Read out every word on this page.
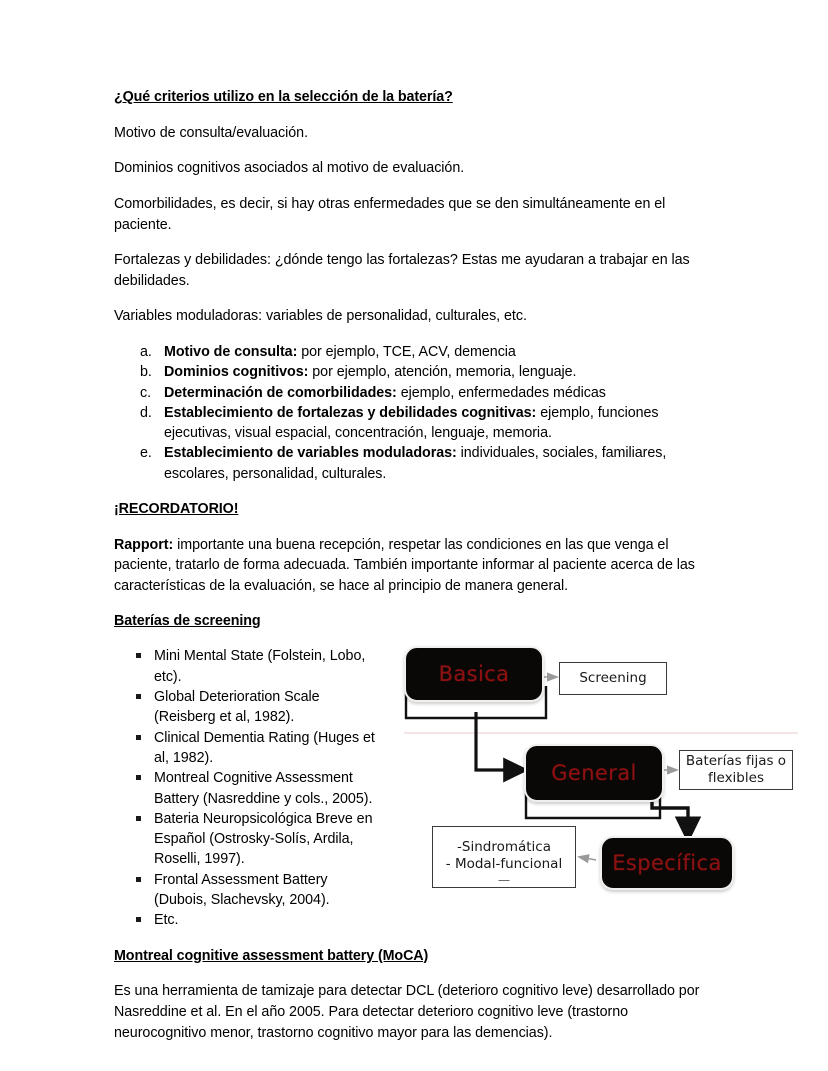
¿Qué criterios utilizo en la selección de la batería?
Motivo de consulta/evaluación.
Dominios cognitivos asociados al motivo de evaluación.
Comorbilidades, es decir, si hay otras enfermedades que se den simultáneamente en el paciente.
Fortalezas y debilidades: ¿dónde tengo las fortalezas? Estas me ayudaran a trabajar en las debilidades.
Variables moduladoras: variables de personalidad, culturales, etc.
a. Motivo de consulta: por ejemplo, TCE, ACV, demencia
b. Dominios cognitivos: por ejemplo, atención, memoria, lenguaje.
c. Determinación de comorbilidades: ejemplo, enfermedades médicas
d. Establecimiento de fortalezas y debilidades cognitivas: ejemplo, funciones ejecutivas, visual espacial, concentración, lenguaje, memoria.
e. Establecimiento de variables moduladoras: individuales, sociales, familiares, escolares, personalidad, culturales.
¡RECORDATORIO!
Rapport: importante una buena recepción, respetar las condiciones en las que venga el paciente, tratarlo de forma adecuada. También importante informar al paciente acerca de las características de la evaluación, se hace al principio de manera general.
Baterías de screening
Mini Mental State (Folstein, Lobo, etc).
Global Deterioration Scale (Reisberg et al, 1982).
Clinical Dementia Rating (Huges et al, 1982).
Montreal Cognitive Assessment Battery (Nasreddine y cols., 2005).
Bateria Neuropsicológica Breve en Español (Ostrosky-Solís, Ardila, Roselli, 1997).
Frontal Assessment Battery (Dubois, Slachevsky, 2004).
Etc.
Basica
General
Específica
Screening
Baterías fijas o flexibles
-Sindromática
- Modal-funcional
Montreal cognitive assessment battery (MoCA)
Es una herramienta de tamizaje para detectar DCL (deterioro cognitivo leve) desarrollado por Nasreddine et al. En el año 2005. Para detectar deterioro cognitivo leve (trastorno neurocognitivo menor, trastorno cognitivo mayor para las demencias).
